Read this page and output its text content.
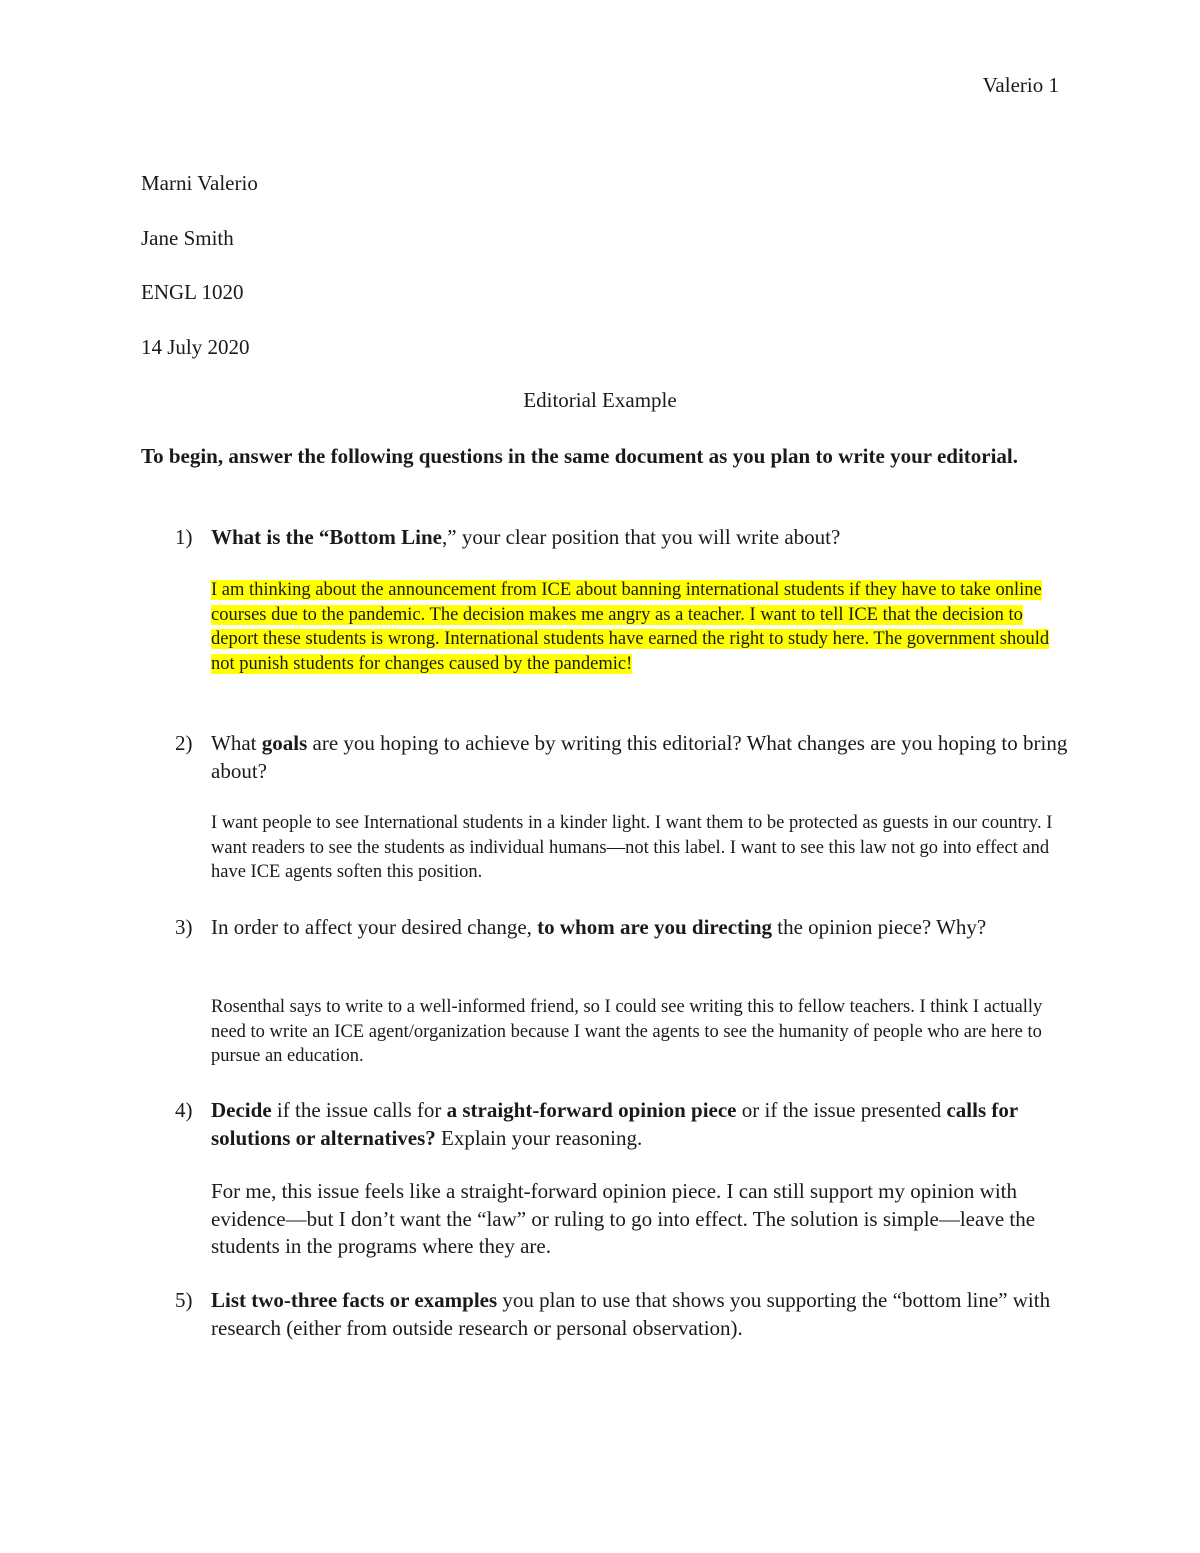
Valerio 1
Marni Valerio
Jane Smith
ENGL 1020
14 July 2020
Editorial Example
To begin, answer the following questions in the same document as you plan to write your editorial.
1) What is the “Bottom Line,” your clear position that you will write about?
I am thinking about the announcement from ICE about banning international students if they have to take online courses due to the pandemic. The decision makes me angry as a teacher. I want to tell ICE that the decision to deport these students is wrong. International students have earned the right to study here. The government should not punish students for changes caused by the pandemic!
2) What goals are you hoping to achieve by writing this editorial? What changes are you hoping to bring about?
I want people to see International students in a kinder light. I want them to be protected as guests in our country. I want readers to see the students as individual humans—not this label. I want to see this law not go into effect and have ICE agents soften this position.
3) In order to affect your desired change, to whom are you directing the opinion piece? Why?
Rosenthal says to write to a well-informed friend, so I could see writing this to fellow teachers. I think I actually need to write an ICE agent/organization because I want the agents to see the humanity of people who are here to pursue an education.
4) Decide if the issue calls for a straight-forward opinion piece or if the issue presented calls for solutions or alternatives? Explain your reasoning.
For me, this issue feels like a straight-forward opinion piece. I can still support my opinion with evidence—but I don’t want the “law” or ruling to go into effect. The solution is simple—leave the students in the programs where they are.
5) List two-three facts or examples you plan to use that shows you supporting the “bottom line” with research (either from outside research or personal observation).
